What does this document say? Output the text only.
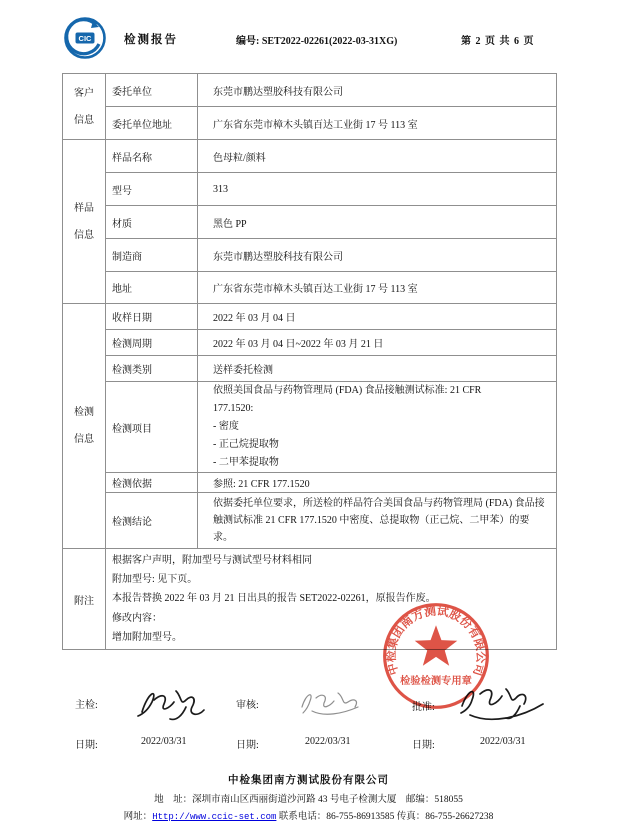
CIC	检测报告	编号: SET2022-02261(2022-03-31XG)	第 2 页 共 6 页
客户
信息	委托单位	东莞市鹏达塑胶科技有限公司
	委托单位地址	广东省东莞市樟木头镇百达工业街 17 号 113 室

样品
信息	样品名称	色母粒/颜料
	型号	313
	材质	黑色 PP
	制造商	东莞市鹏达塑胶科技有限公司
	地址	广东省东莞市樟木头镇百达工业街 17 号 113 室

检测
信息	收样日期	2022 年 03 月 04 日
	检测周期	2022 年 03 月 04 日~2022 年 03 月 21 日
	检测类别	送样委托检测
	检测项目	依照美国食品与药物管理局 (FDA) 食品接触测试标准: 21 CFR
177.1520:
- 密度
- 正己烷提取物
- 二甲苯提取物

	检测依据	参照: 21 CFR 177.1520
	检测结论	依据委托单位要求，所送检的样品符合美国食品与药物管理局 (FDA) 食品接触测试标准 21 CFR 177.1520 中密度、总提取物（正己烷、二甲苯）的要求。
附注	根据客户声明，附加型号与测试型号材料相同
附加型号: 见下页。
本报告替换 2022 年 03 月 21 日出具的报告 SET2022-02261，原报告作废。
修改内容：
增加附加型号。	
主检:	审核:	批准:
日期:	2022/03/31	日期:	2022/03/31	日期:	2022/03/31
中检集团南方测试股份有限公司
检验检测专用章
中检集团南方测试股份有限公司
地　址：深圳市南山区西丽街道沙河路 43 号电子检测大厦　邮编：518055
网址：Http://www.ccic-set.com 联系电话：86-755-86913585 传真：86-755-26627238
